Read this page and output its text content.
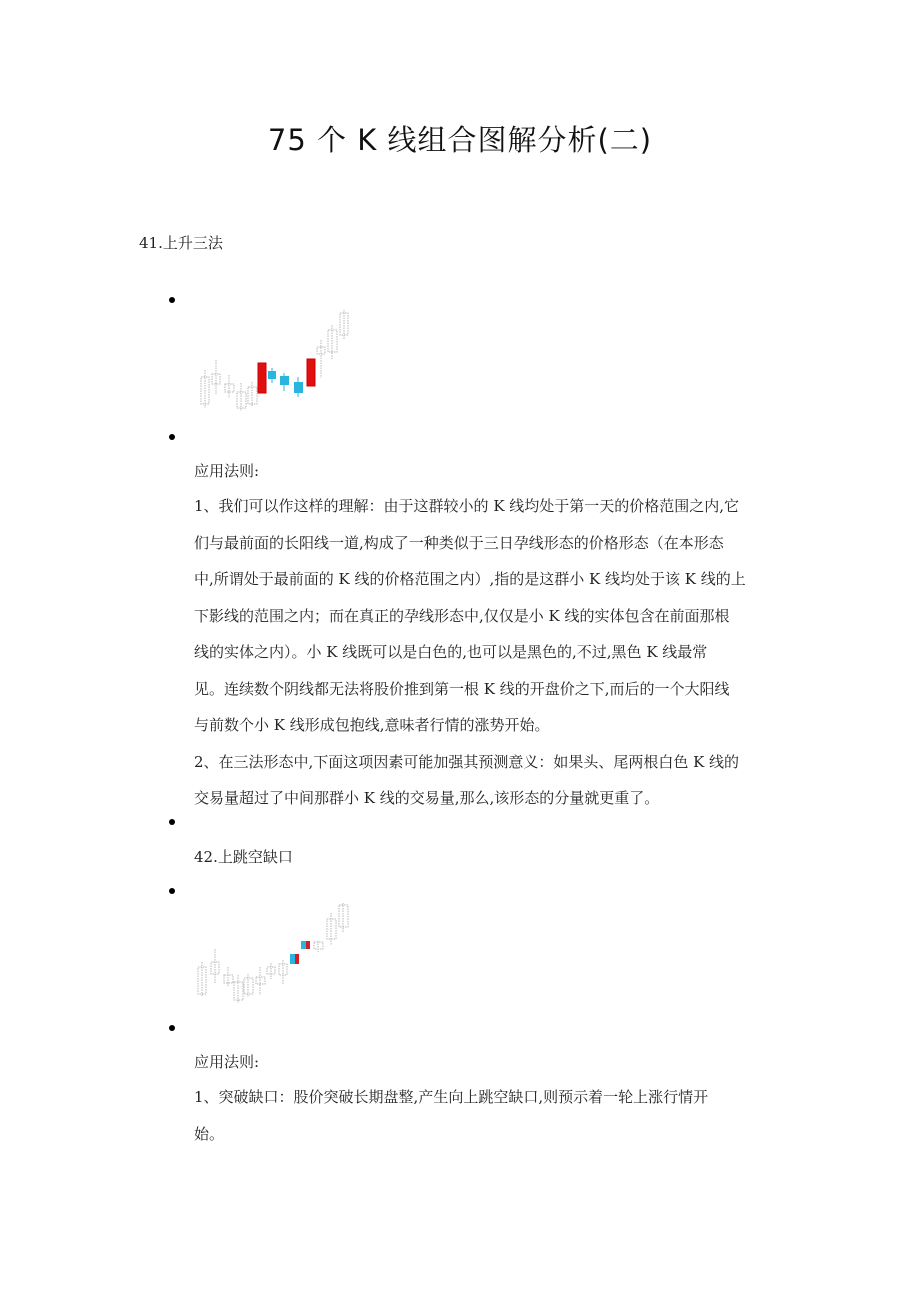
75 个 K 线组合图解分析(二)
41.上升三法
应用法则:

1、我们可以作这样的理解：由于这群较小的 K 线均处于第一天的价格范围之内,它

们与最前面的长阳线一道,构成了一种类似于三日孕线形态的价格形态（在本形态

中,所谓处于最前面的 K 线的价格范围之内）,指的是这群小 K 线均处于该 K 线的上

下影线的范围之内；而在真正的孕线形态中,仅仅是小 K 线的实体包含在前面那根

线的实体之内）。小 K 线既可以是白色的,也可以是黑色的,不过,黑色 K 线最常

见。连续数个阴线都无法将股价推到第一根 K 线的开盘价之下,而后的一个大阳线

与前数个小 K 线形成包抱线,意味者行情的涨势开始。

2、在三法形态中,下面这项因素可能加强其预测意义：如果头、尾两根白色 K 线的

交易量超过了中间那群小 K 线的交易量,那么,该形态的分量就更重了。

42.上跳空缺口
应用法则:

1、突破缺口：股价突破长期盘整,产生向上跳空缺口,则预示着一轮上涨行情开

始。
